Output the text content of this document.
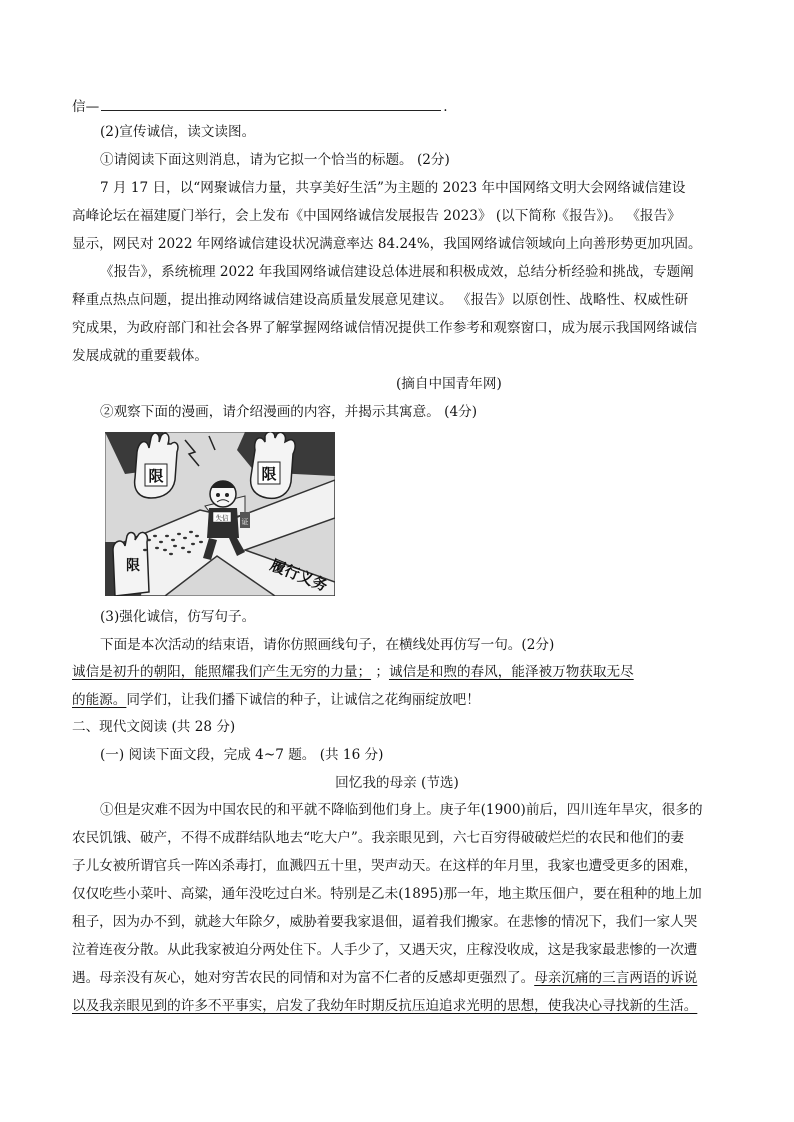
信—	.
(2)宣传诚信，读文读图。
①请阅读下面这则消息，请为它拟一个恰当的标题。 (2分)
7 月 17 日，以“网聚诚信力量，共享美好生活”为主题的 2023 年中国网络文明大会网络诚信建设
高峰论坛在福建厦门举行，会上发布《中国网络诚信发展报告 2023》 (以下简称《报告》)。 《报告》
显示，网民对 2022 年网络诚信建设状况满意率达 84.24%，我国网络诚信领域向上向善形势更加巩固。
《报告》，系统梳理 2022 年我国网络诚信建设总体进展和积极成效，总结分析经验和挑战，专题阐
释重点热点问题，提出推动网络诚信建设高质量发展意见建议。 《报告》以原创性、战略性、权威性研
究成果，为政府部门和社会各界了解掌握网络诚信情况提供工作参考和观察窗口，成为展示我国网络诚信
发展成就的重要载体。
(摘自中国青年网)
②观察下面的漫画，请介绍漫画的内容，并揭示其寓意。 (4分)
限	限
限
失信 证
履行义务
(3)强化诚信，仿写句子。
下面是本次活动的结束语，请你仿照画线句子，在横线处再仿写一句。(2分)
诚信是初升的朝阳，能照耀我们产生无穷的力量； ；诚信是和煦的春风，能泽被万物获取无尽
的能源。同学们，让我们播下诚信的种子，让诚信之花绚丽绽放吧！
二、现代文阅读 (共 28 分)
(一) 阅读下面文段，完成 4~7 题。 (共 16 分)
回忆我的母亲 (节选)
①但是灾难不因为中国农民的和平就不降临到他们身上。庚子年(1900)前后，四川连年旱灾，很多的
农民饥饿、破产，不得不成群结队地去“吃大户”。我亲眼见到，六七百穷得破破烂烂的农民和他们的妻
子儿女被所谓官兵一阵凶杀毒打，血溅四五十里，哭声动天。在这样的年月里，我家也遭受更多的困难，
仅仅吃些小菜叶、高粱，通年没吃过白米。特别是乙未(1895)那一年，地主欺压佃户，要在租种的地上加
租子，因为办不到，就趁大年除夕，威胁着要我家退佃，逼着我们搬家。在悲惨的情况下，我们一家人哭
泣着连夜分散。从此我家被迫分两处住下。人手少了，又遇天灾，庄稼没收成，这是我家最悲惨的一次遭
遇。母亲没有灰心，她对穷苦农民的同情和对为富不仁者的反感却更强烈了。母亲沉痛的三言两语的诉说
以及我亲眼见到的许多不平事实，启发了我幼年时期反抗压迫追求光明的思想，使我决心寻找新的生活。
